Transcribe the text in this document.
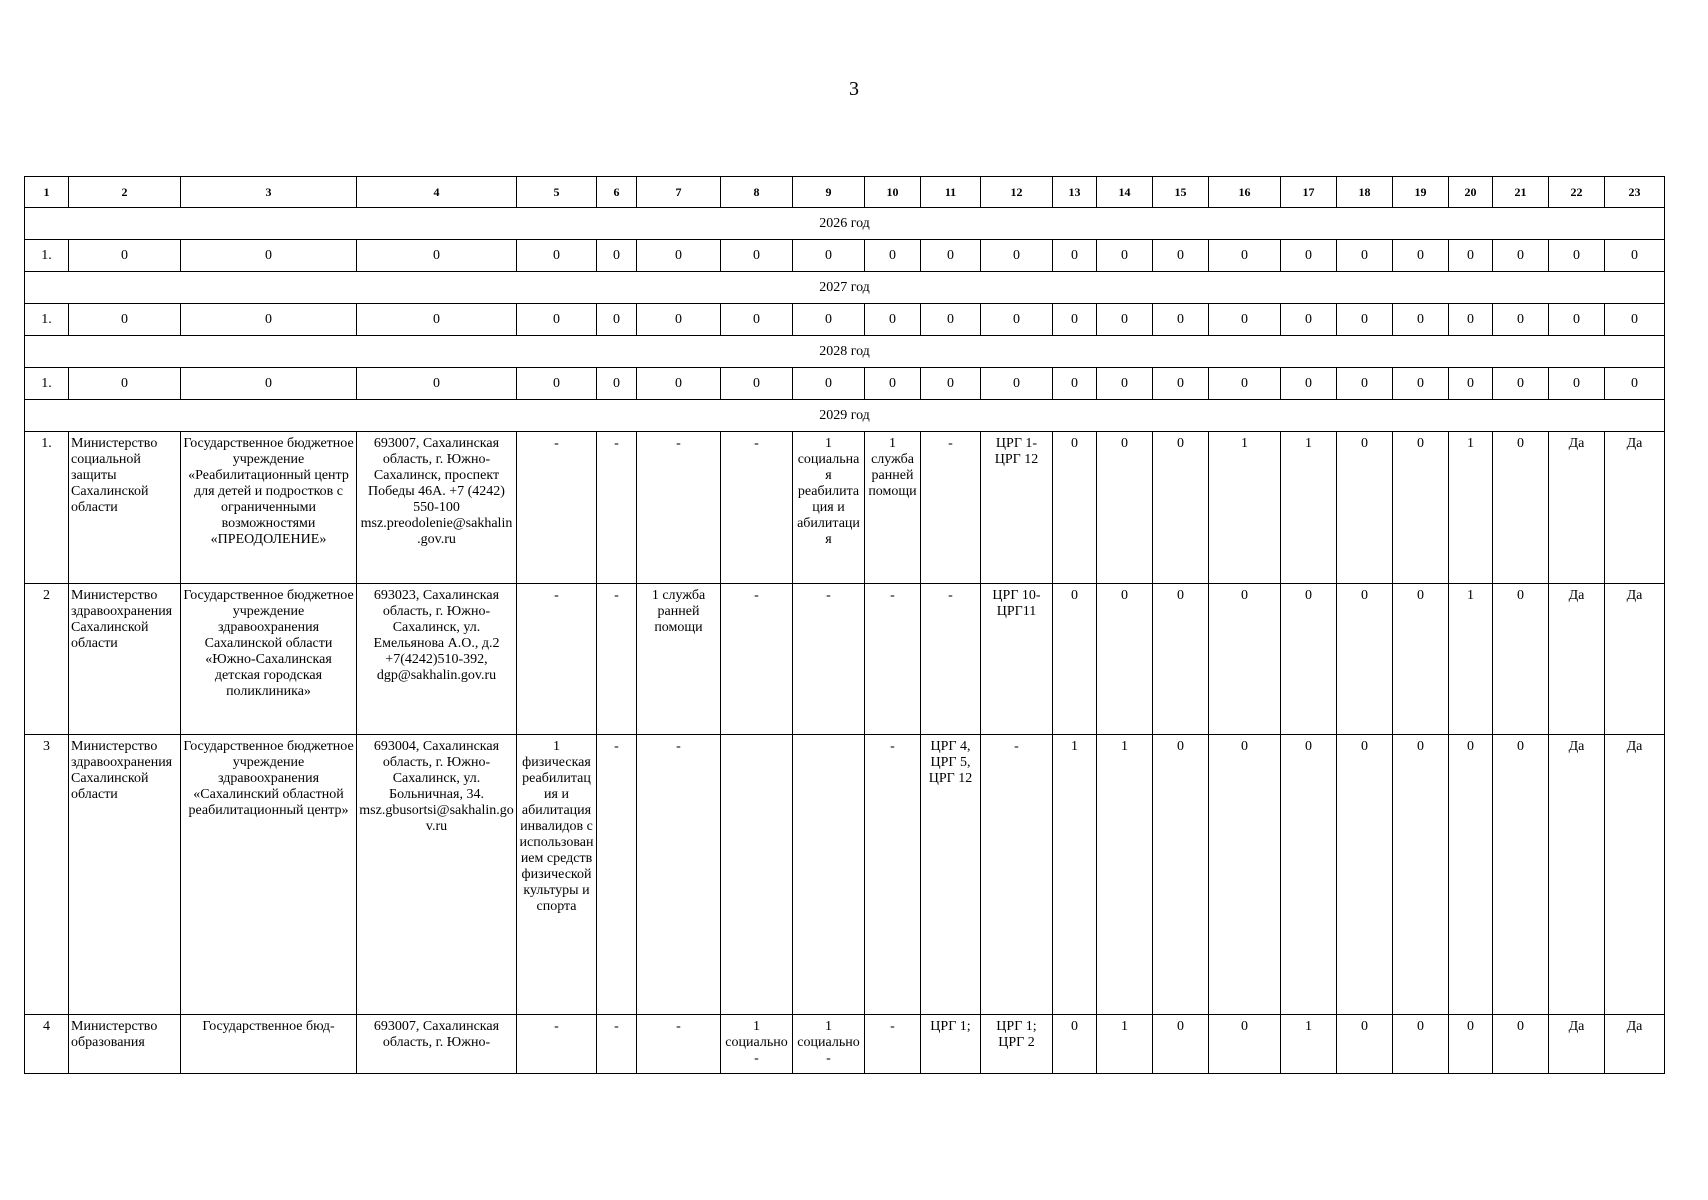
3
1	2	3	4	5	6	7	8	9	10	11	12	13	14	15	16	17	18	19	20	21	22	23
2026 год																						
1.	0	0	0	0	0	0	0	0	0	0	0	0	0	0	0	0	0	0	0	0	0	0
2027 год																						
1.	0	0	0	0	0	0	0	0	0	0	0	0	0	0	0	0	0	0	0	0	0	0
2028 год																						
1.	0	0	0	0	0	0	0	0	0	0	0	0	0	0	0	0	0	0	0	0	0	0
2029 год																						
1.	Министерство социальной защиты Сахалинской области	Государственное бюджетное учреждение «Реабилитационный центр для детей и подростков с ограниченными возможностями «ПРЕОДОЛЕНИЕ»	693007, Сахалинская область, г. Южно-Сахалинск, проспект Победы 46А. +7 (4242) 550-100 msz.preodolenie@sakhalin.gov.ru	-	-	-	-	1 социальная реабилитация и абилитация	1 служба ранней помощи	-	ЦРГ 1- ЦРГ 12	0	0	0	1	1	0	0	1	0	Да	Да
2	Министерство здравоохранения Сахалинской области	Государственное бюджетное учреждение здравоохранения Сахалинской области «Южно-Сахалинская детская городская поликлиника»	693023, Сахалинская область, г. Южно-Сахалинск, ул. Емельянова А.О., д.2 +7(4242)510-392, dgp@sakhalin.gov.ru	-	-	1 служба ранней помощи	-	-	-	-	ЦРГ 10- ЦРГ11	0	0	0	0	0	0	0	1	0	Да	Да
3	Министерство здравоохранения Сахалинской области	Государственное бюджетное учреждение здравоохранения «Сахалинский областной реабилитационный центр»	693004, Сахалинская область, г. Южно-Сахалинск, ул. Больничная, 34. msz.gbusortsi@sakhalin.gov.ru	1 физическая реабилитация и абилитация инвалидов с использованием средств физической культуры и спорта	-	-			-	ЦРГ 4, ЦРГ 5, ЦРГ 12	-	1	1	0	0	0	0	0	0	0	Да	Да
4	Министерство образования	Государственное бюд-	693007, Сахалинская область, г. Южно-	-	-	-	1 социально-	1 социально-	-	ЦРГ 1;	ЦРГ 1; ЦРГ 2	0	1	0	0	1	0	0	0	0	Да	Да
